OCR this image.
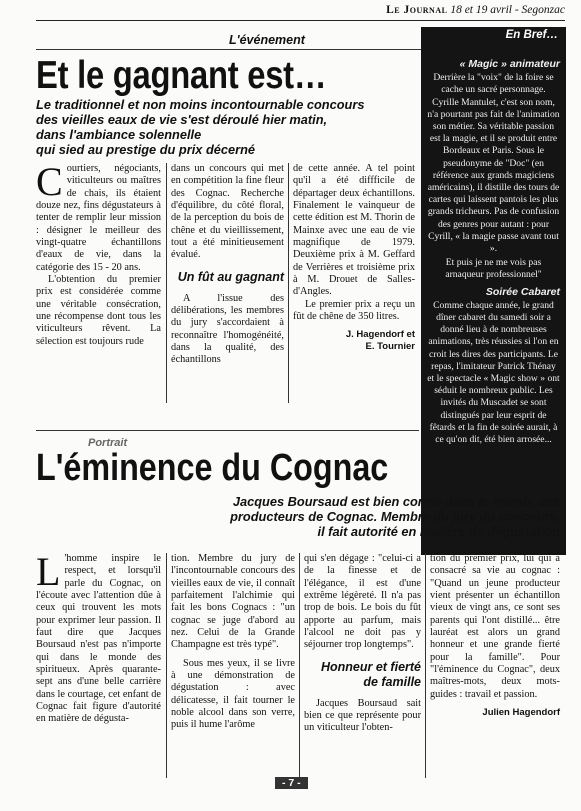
Le Journal 18 et 19 avril - Segonzac
L'événement
Et le gagnant est…
Le traditionnel et non moins incontournable concours
des vieilles eaux de vie s'est déroulé hier matin,
dans l'ambiance solennelle
qui sied au prestige du prix décerné
C ourtiers, négociants, viticulteurs ou maîtres de chais, ils étaient douze nez, fins dégustateurs à tenter de remplir leur mission : désigner le meilleur des vingt-quatre échantillons d'eaux de vie, dans la catégorie des 15 - 20 ans.

L'obtention du premier prix est considérée comme une véritable consécration, une récompense dont tous les viticulteurs rêvent. La sélection est toujours rude

dans un concours qui met en compétition la fine fleur des Cognac. Recherche d'équilibre, du côté floral, de la perception du bois de chêne et du vieillissement, tout a été minitieusement évalué.

Un fût au gagnant

A l'issue des délibérations, les membres du jury s'accordaient à reconnaître l'homogénéité, dans la qualité, des échantillons

de cette année. A tel point qu'il a été diffficile de départager deux échantillons. Finalement le vainqueur de cette édition est M. Thorin de Mainxe avec une eau de vie magnifique de 1979. Deuxième prix à M. Geffard de Verrières et troisième prix à M. Drouet de Salles-d'Angles.

Le premier prix a reçu un fût de chêne de 350 litres.

J. Hagendorf et
E. Tournier
En Bref…
« Magic » animateur

Derrière la "voix" de la foire se cache un sacré personnage. Cyrille Mantulet, c'est son nom, n'a pourtant pas fait de l'animation son métier. Sa véritable passion est la magie, et il se produit entre Bordeaux et Paris. Sous le pseudonyme de "Doc" (en référence aux grands magiciens américains), il distille des tours de cartes qui laissent pantois les plus grands tricheurs. Pas de confusion des genres pour autant : pour Cyrill, « la magie passe avant tout ».

Et puis je ne me vois pas arnaqueur professionnel"

Soirée Cabaret

Comme chaque année, le grand dîner cabaret du samedi soir a donné lieu à de nombreuses animations, très réussies si l'on en croit les dires des participants. Le repas, l'imitateur Patrick Thénay et le spectacle « Magic show » ont séduit le nombreux public. Les invités du Muscadet se sont distingués par leur esprit de fêtards et la fin de soirée aurait, à ce qu'on dit, été bien arrosée...

Portrait
L'éminence du Cognac
Jacques Boursaud est bien connu dans le monde des
producteurs de Cognac. Membre du jury du concours,
il fait autorité en matière de dégustation
L 'homme inspire le respect, et lorsqu'il parle du Cognac, on l'écoute avec l'attention dûe à ceux qui trouvent les mots pour exprimer leur passion. Il faut dire que Jacques Boursaud n'est pas n'importe qui dans le monde des spiritueux. Après quarante-sept ans d'une belle carrière dans le courtage, cet enfant de Cognac fait figure d'autorité en matière de dégusta-

tion. Membre du jury de l'incontournable concours des vieilles eaux de vie, il connaît parfaitement l'alchimie qui fait les bons Cognacs : "un cognac se juge d'abord au nez. Celui de la Grande Champagne est très typé".

Sous mes yeux, il se livre à une démonstration de dégustation : avec délicatesse, il fait tourner le noble alcool dans son verre, puis il hume l'arôme

qui s'en dégage : "celui-ci a de la finesse et de l'élégance, il est d'une extrême légèreté. Il n'a pas trop de bois. Le bois du fût apporte au parfum, mais l'alcool ne doit pas y séjourner trop longtemps".

Honneur et fierté
de famille

Jacques Boursaud sait bien ce que représente pour un viticulteur l'obten-

tion du premier prix, lui qui a consacré sa vie au cognac : "Quand un jeune producteur vient présenter un échantillon vieux de vingt ans, ce sont ses parents qui l'ont distillé... être lauréat est alors un grand honneur et une grande fierté pour la famille". Pour "l'éminence du Cognac", deux maîtres-mots, deux mots-guides : travail et passion.

Julien Hagendorf
- 7 -
